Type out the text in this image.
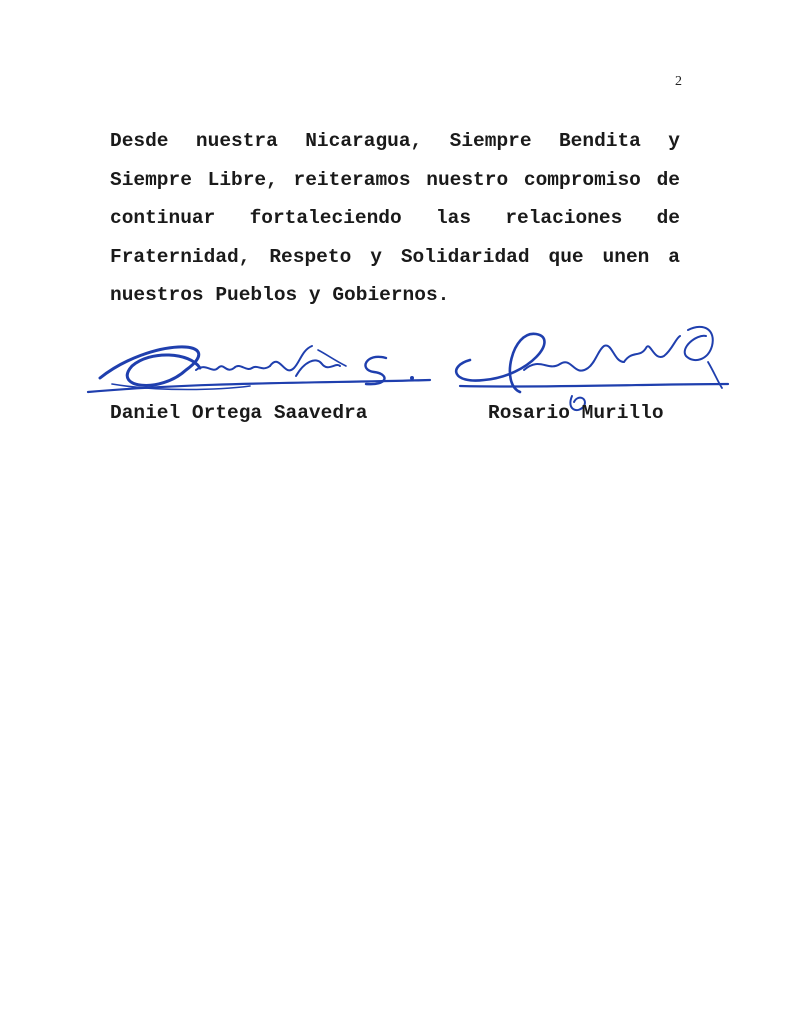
2

Desde nuestra Nicaragua, Siempre Bendita y Siempre Libre, reiteramos nuestro compromiso de continuar fortaleciendo las relaciones de Fraternidad, Respeto y Solidaridad que unen a nuestros Pueblos y Gobiernos.

Daniel Ortega Saavedra	Rosario Murillo
